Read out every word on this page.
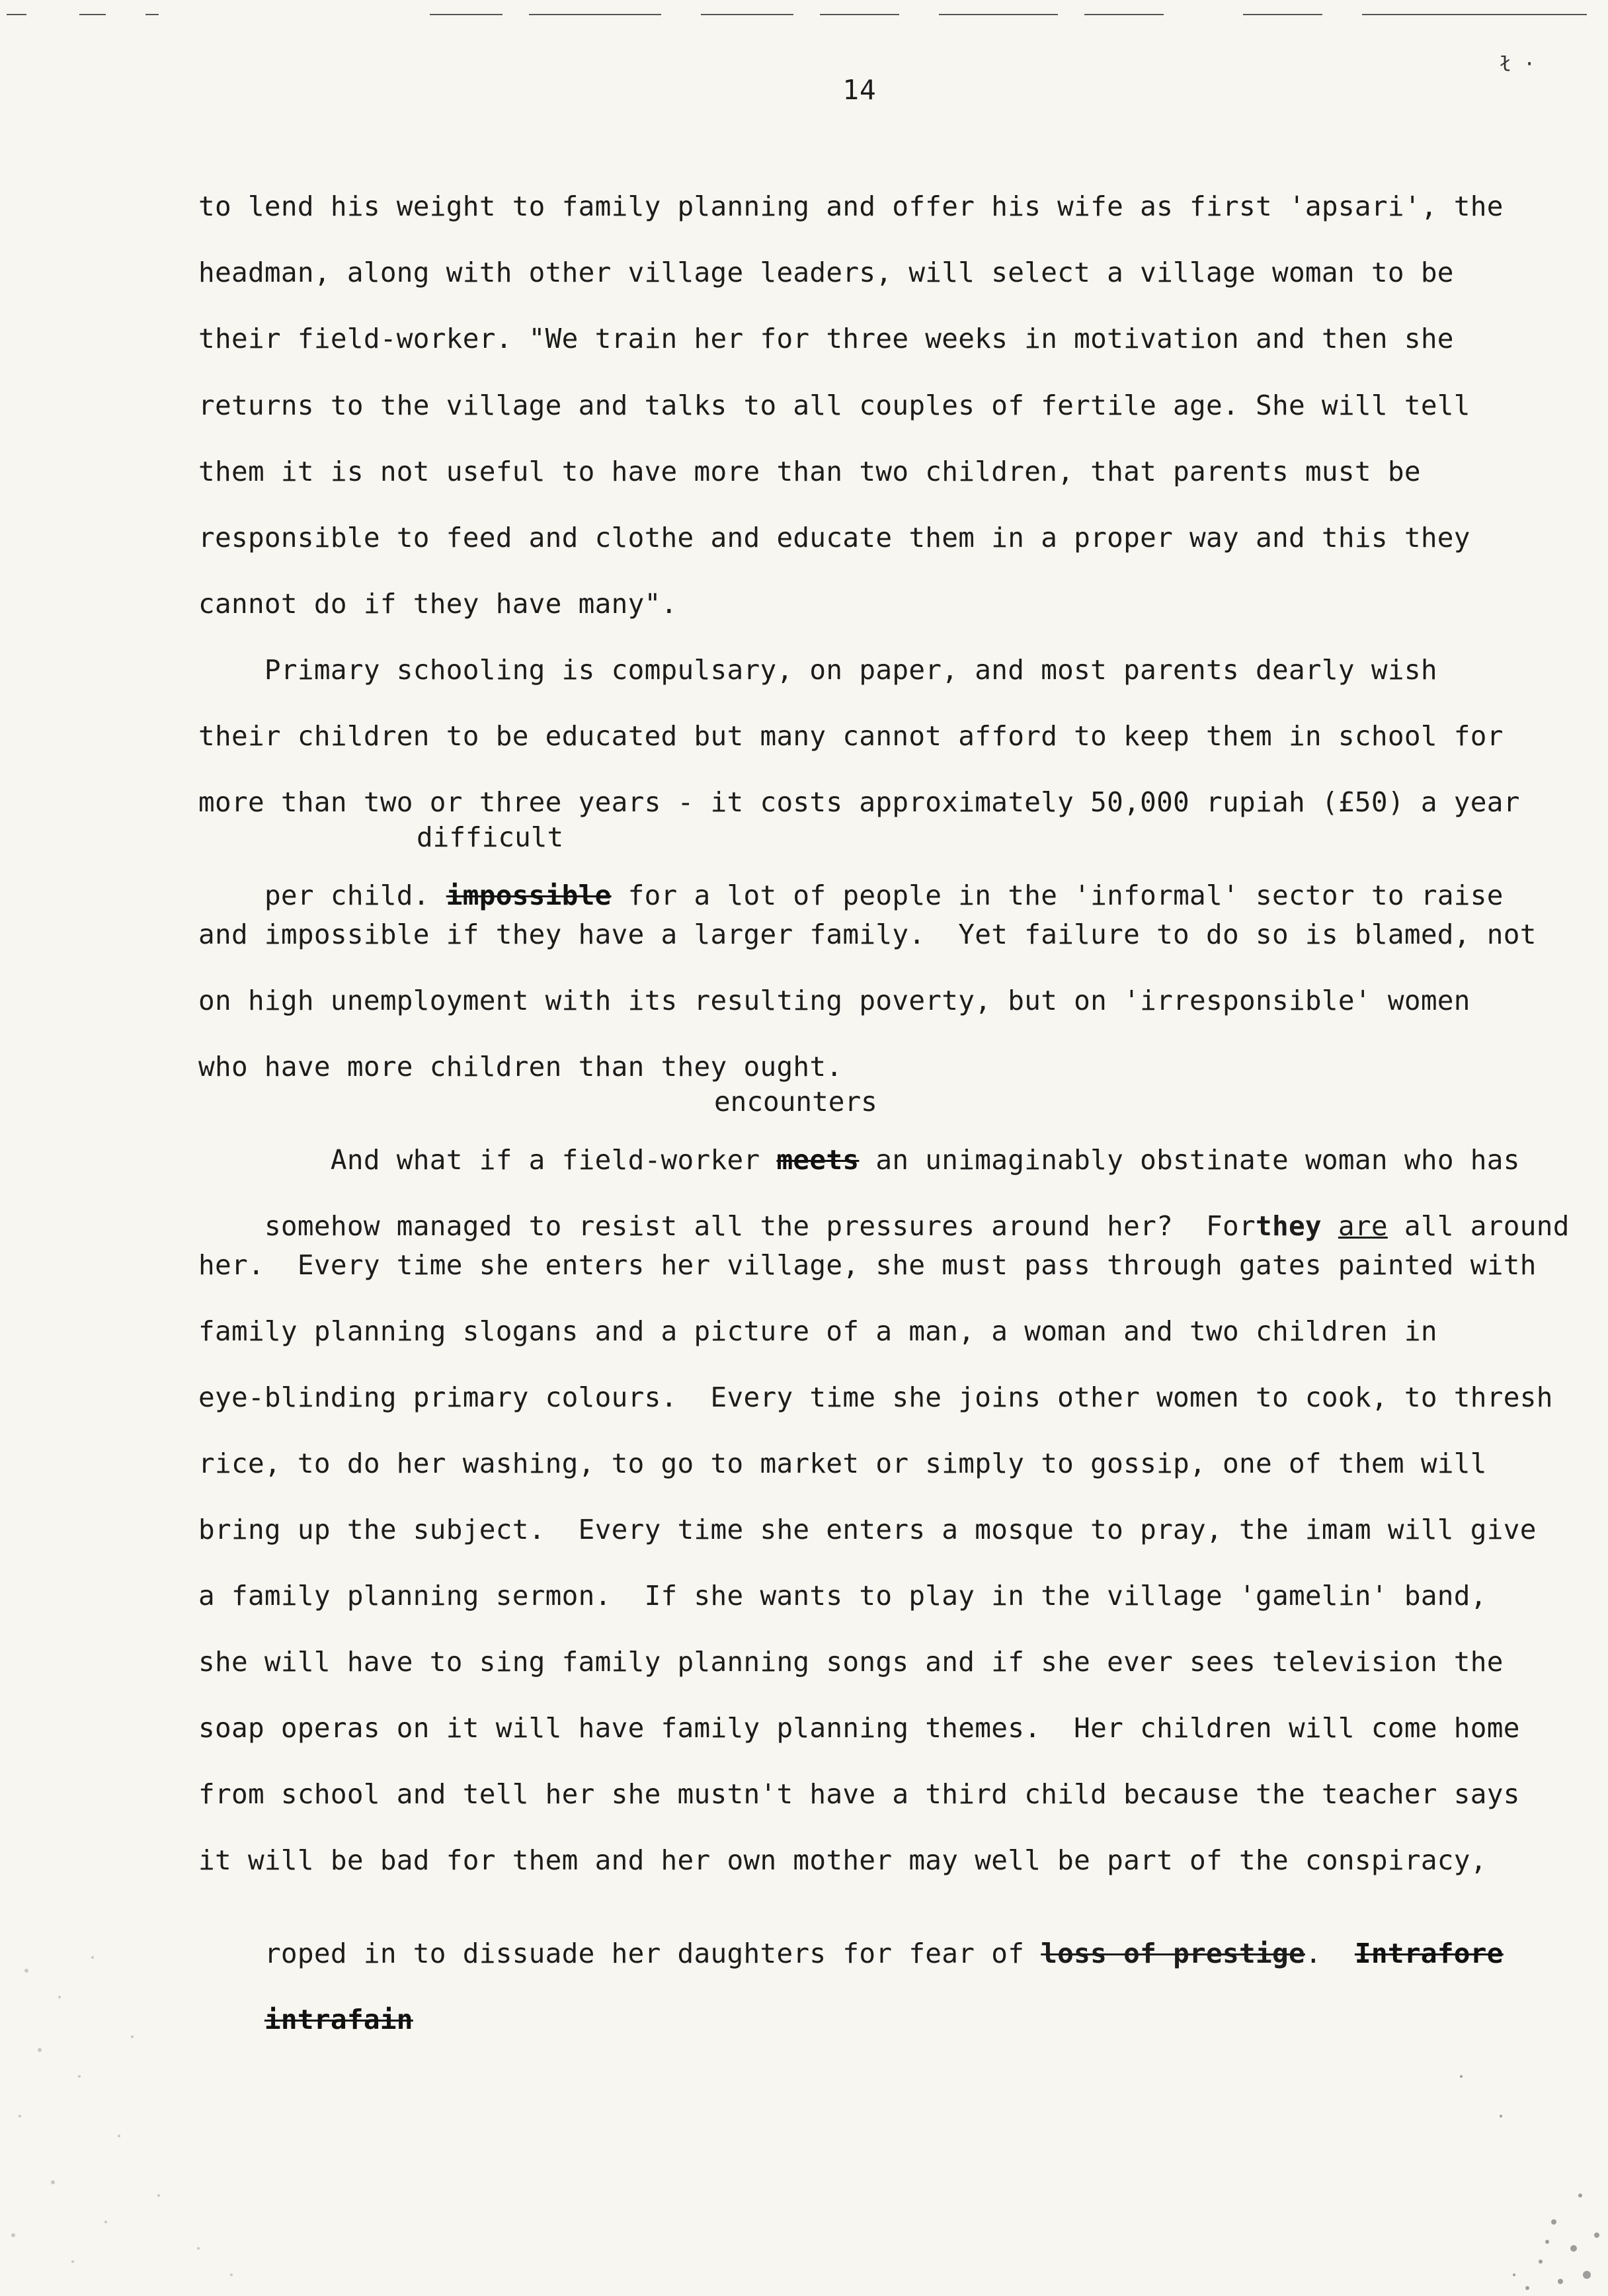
14
ł ·
to lend his weight to family planning and offer his wife as first 'apsari', the
headman, along with other village leaders, will select a village woman to be
their field-worker. "We train her for three weeks in motivation and then she
returns to the village and talks to all couples of fertile age. She will tell
them it is not useful to have more than two children, that parents must be
responsible to feed and clothe and educate them in a proper way and this they
cannot do if they have many".
Primary schooling is compulsary, on paper, and most parents dearly wish
their children to be educated but many cannot afford to keep them in school for
more than two or three years - it costs approximately 50,000 rupiah (£50) a year
difficult

per child. impossible for a lot of people in the 'informal' sector to raise

and impossible if they have a larger family.  Yet failure to do so is blamed, not
on high unemployment with its resulting poverty, but on 'irresponsible' women
who have more children than they ought.
encounters

And what if a field-worker meets an unimaginably obstinate woman who has

somehow managed to resist all the pressures around her?  Forthey are all around

her.  Every time she enters her village, she must pass through gates painted with
family planning slogans and a picture of a man, a woman and two children in
eye-blinding primary colours.  Every time she joins other women to cook, to thresh
rice, to do her washing, to go to market or simply to gossip, one of them will
bring up the subject.  Every time she enters a mosque to pray, the imam will give
a family planning sermon.  If she wants to play in the village 'gamelin' band,
she will have to sing family planning songs and if she ever sees television the
soap operas on it will have family planning themes.  Her children will come home
from school and tell her she mustn't have a third child because the teacher says
it will be bad for them and her own mother may well be part of the conspiracy,

roped in to dissuade her daughters for fear of loss of prestige. Intrafore

intrafain
